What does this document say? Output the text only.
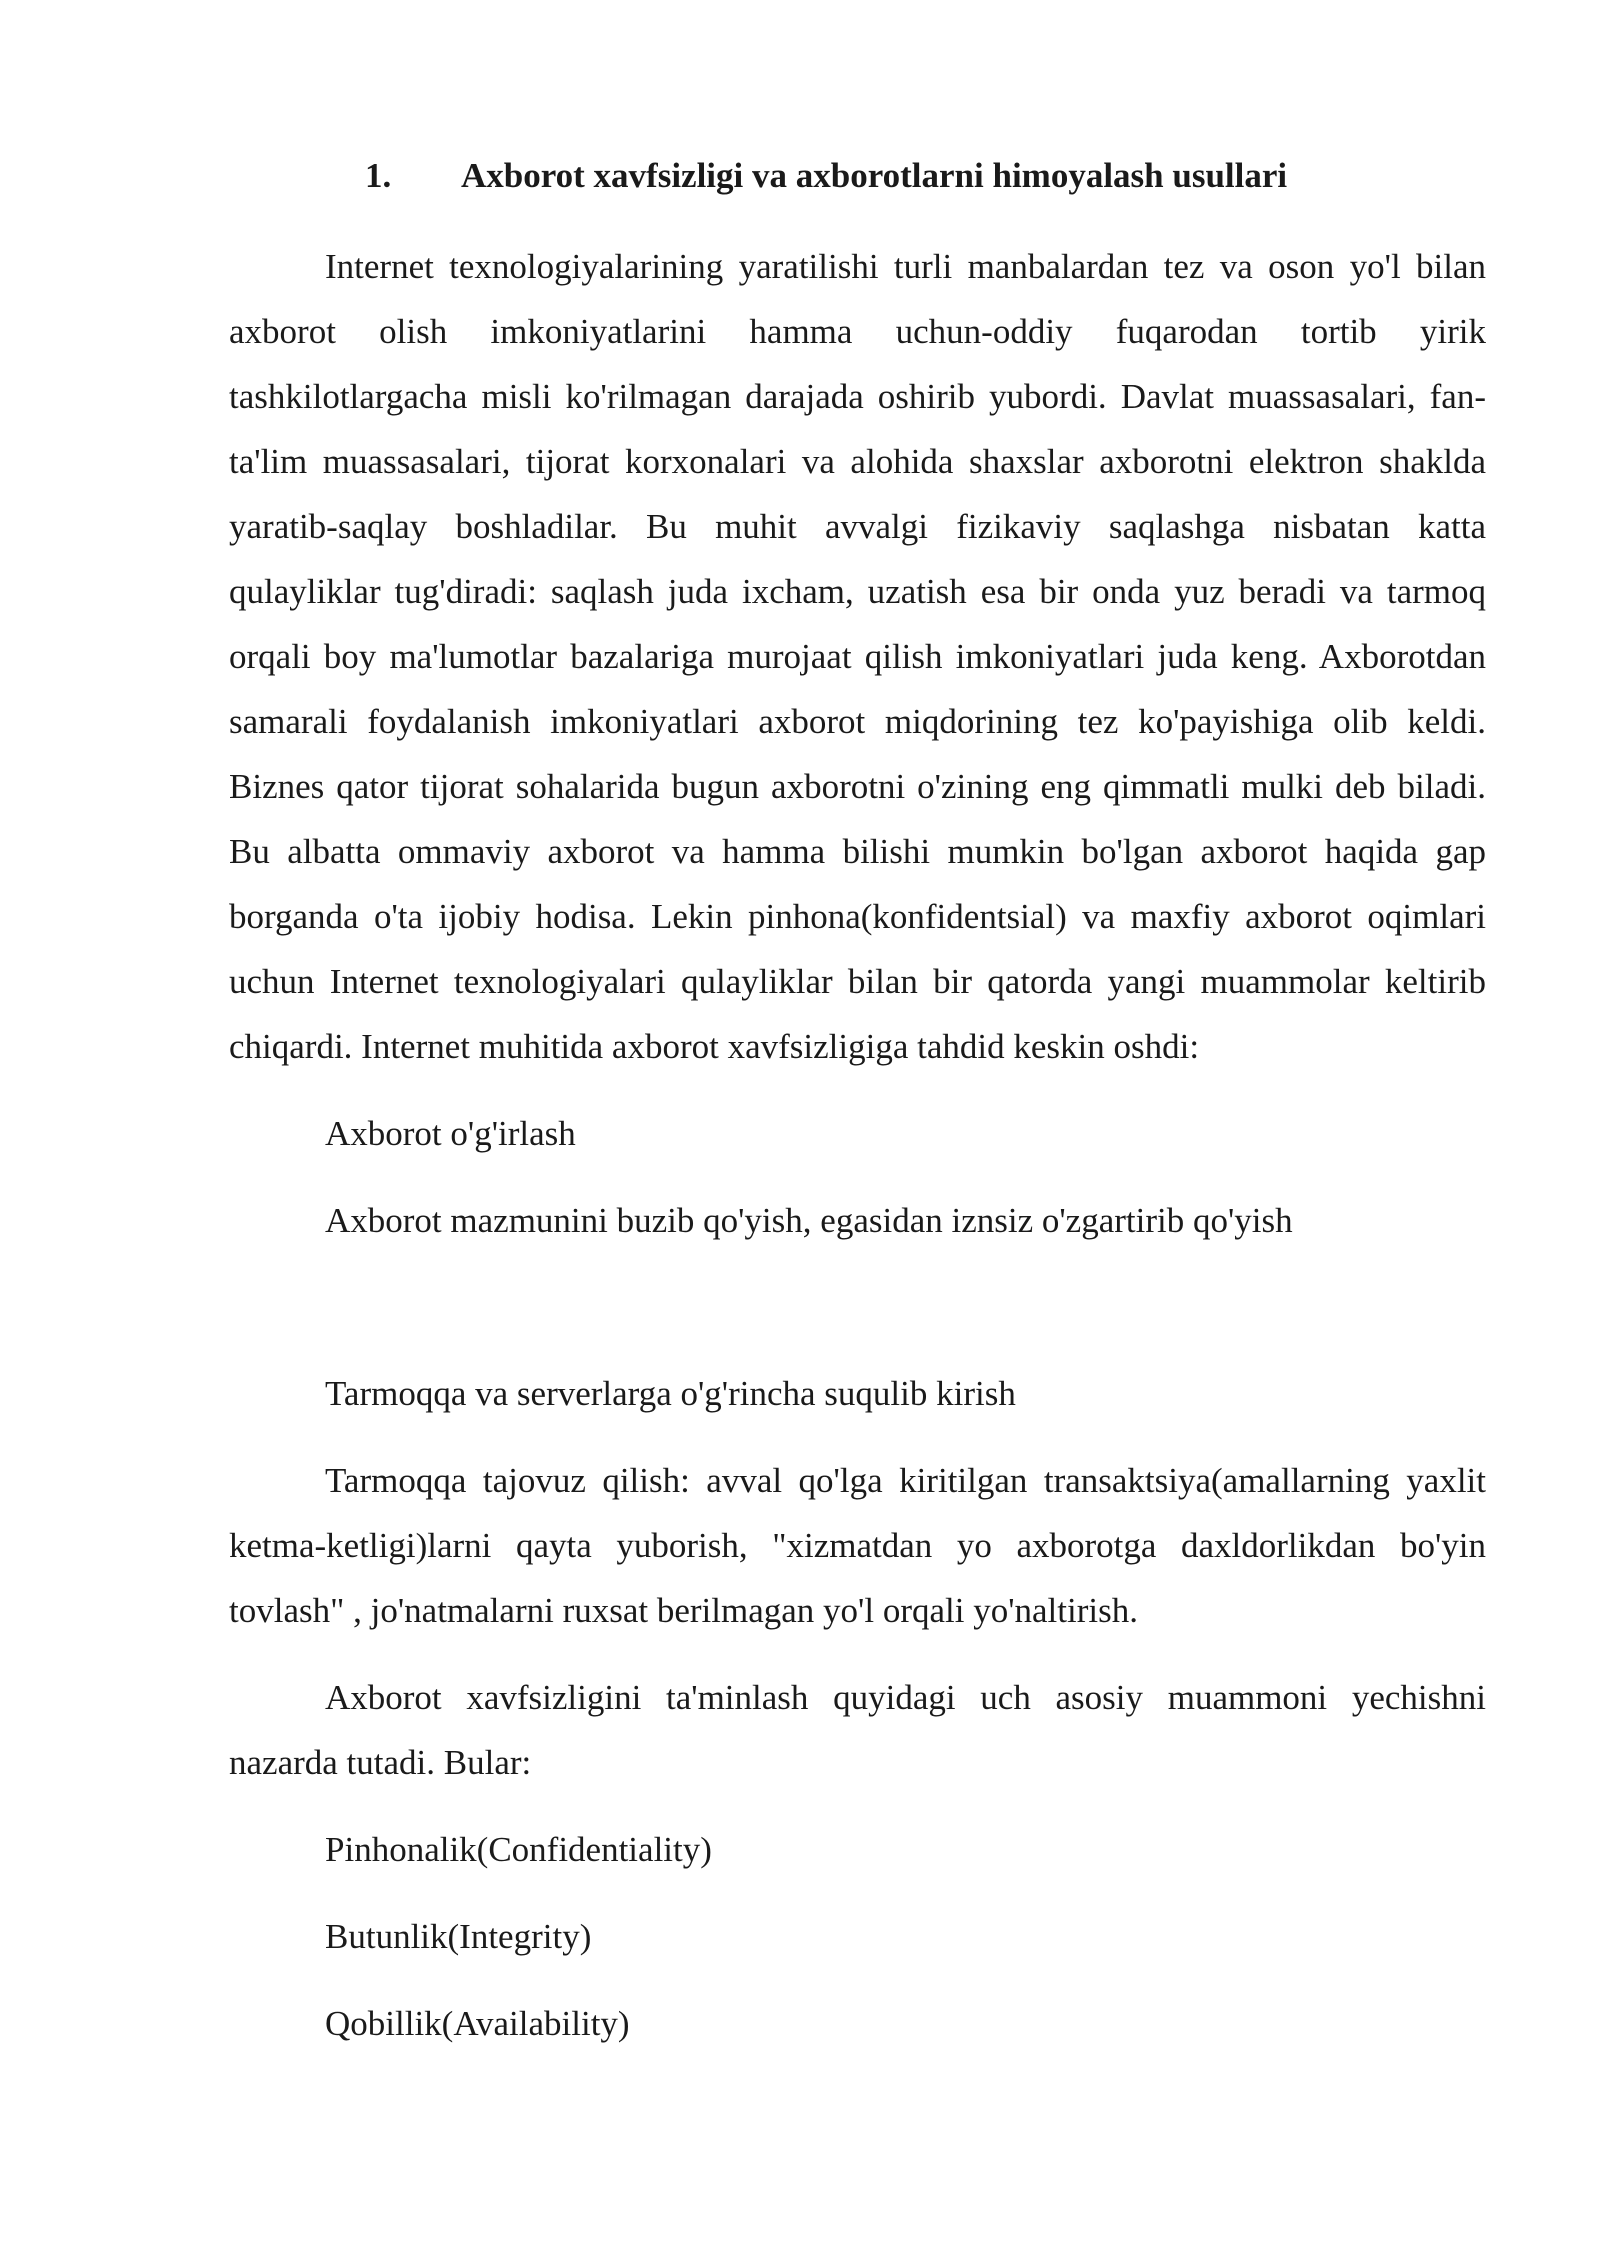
1. Axborot xavfsizligi va axborotlarni himoyalash usullari

Internet texnologiyalarining yaratilishi turli manbalardan tez va oson yo'l bilan axborot olish imkoniyatlarini hamma uchun-oddiy fuqarodan tortib yirik tashkilotlargacha misli ko'rilmagan darajada oshirib yubordi. Davlat muassasalari, fan-ta'lim muassasalari, tijorat korxonalari va alohida shaxslar axborotni elektron shaklda yaratib-saqlay boshladilar. Bu muhit avvalgi fizikaviy saqlashga nisbatan katta qulayliklar tug'diradi: saqlash juda ixcham, uzatish esa bir onda yuz beradi va tarmoq orqali boy ma'lumotlar bazalariga murojaat qilish imkoniyatlari juda keng. Axborotdan samarali foydalanish imkoniyatlari axborot miqdorining tez ko'payishiga olib keldi. Biznes qator tijorat sohalarida bugun axborotni o'zining eng qimmatli mulki deb biladi. Bu albatta ommaviy axborot va hamma bilishi mumkin bo'lgan axborot haqida gap borganda o'ta ijobiy hodisa. Lekin pinhona(konfidentsial) va maxfiy axborot oqimlari uchun Internet texnologiyalari qulayliklar bilan bir qatorda yangi muammolar keltirib chiqardi. Internet muhitida axborot xavfsizligiga tahdid keskin oshdi:

Axborot o'g'irlash

Axborot mazmunini buzib qo'yish, egasidan iznsiz o'zgartirib qo'yish

Tarmoqqa va serverlarga o'g'rincha suqulib kirish

Tarmoqqa tajovuz qilish: avval qo'lga kiritilgan transaktsiya(amallarning yaxlit ketma-ketligi)larni qayta yuborish, "xizmatdan yo axborotga daxldorlikdan bo'yin tovlash" , jo'natmalarni ruxsat berilmagan yo'l orqali yo'naltirish.

Axborot xavfsizligini ta'minlash quyidagi uch asosiy muammoni yechishni nazarda tutadi. Bular:

Pinhonalik(Confidentiality)

Butunlik(Integrity)

Qobillik(Availability)
